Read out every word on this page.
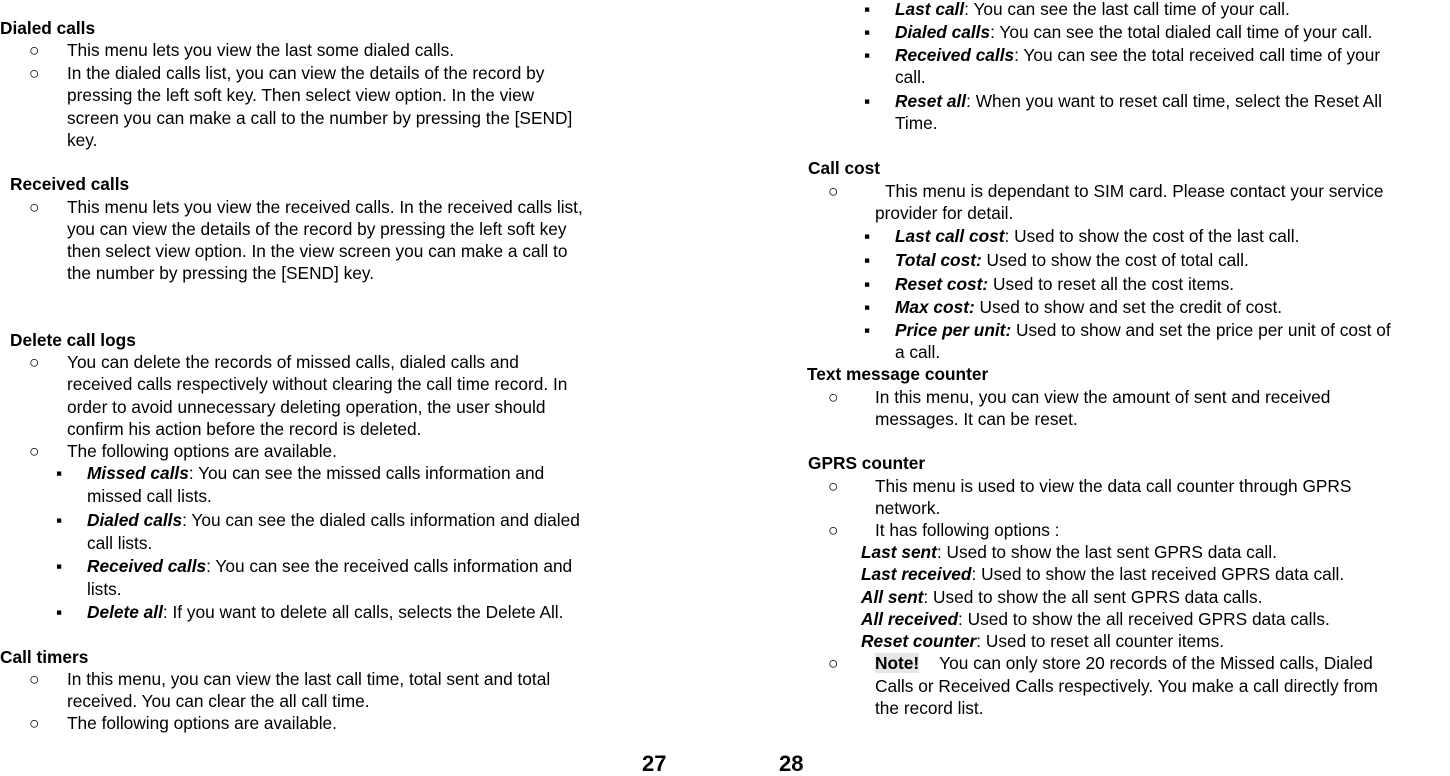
Dialed calls
○ This menu lets you view the last some dialed calls.
○ In the dialed calls list, you can view the details of the record by
pressing the left soft key. Then select view option. In the view
screen you can make a call to the number by pressing the [SEND]
key.
Received calls
○ This menu lets you view the received calls. In the received calls list,
you can view the details of the record by pressing the left soft key
then select view option. In the view screen you can make a call to
the number by pressing the [SEND] key.
Delete call logs
○ You can delete the records of missed calls, dialed calls and
received calls respectively without clearing the call time record. In
order to avoid unnecessary deleting operation, the user should
confirm his action before the record is deleted.
○ The following options are available.
▪ Missed calls: You can see the missed calls information and
missed call lists.
▪ Dialed calls: You can see the dialed calls information and dialed
call lists.
▪ Received calls: You can see the received calls information and
lists.
▪ Delete all: If you want to delete all calls, selects the Delete All.
Call timers
○ In this menu, you can view the last call time, total sent and total
received. You can clear the all call time.
○ The following options are available.
27
▪ Last call: You can see the last call time of your call.
▪ Dialed calls: You can see the total dialed call time of your call.
▪ Received calls: You can see the total received call time of your
call.
▪ Reset all: When you want to reset call time, select the Reset All
Time.
Call cost
○	This menu is dependant to SIM card. Please contact your service
provider for detail.
▪ Last call cost: Used to show the cost of the last call.
▪ Total cost: Used to show the cost of total call.
▪ Reset cost: Used to reset all the cost items.
▪ Max cost: Used to show and set the credit of cost.
▪ Price per unit: Used to show and set the price per unit of cost of
a call.
Text message counter
○ In this menu, you can view the amount of sent and received
messages. It can be reset.
GPRS counter
○ This menu is used to view the data call counter through GPRS
network.
○ It has following options :
Last sent: Used to show the last sent GPRS data call.
Last received: Used to show the last received GPRS data call.
All sent: Used to show the all sent GPRS data calls.
All received: Used to show the all received GPRS data calls.
Reset counter: Used to reset all counter items.
○ Note! You can only store 20 records of the Missed calls, Dialed
Calls or Received Calls respectively. You make a call directly from
the record list.
28
